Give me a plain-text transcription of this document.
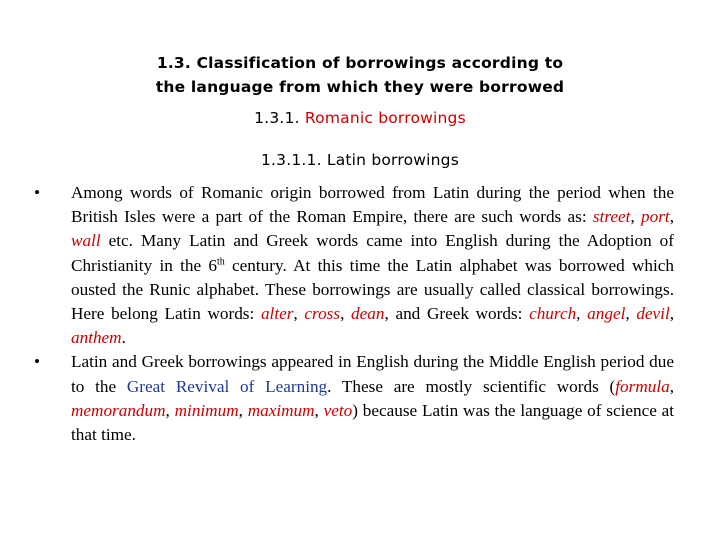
1.3. Classification of borrowings according to
the language from which they were borrowed
1.3.1. Romanic borrowings
1.3.1.1. Latin borrowings
•	Among words of Romanic origin borrowed from Latin during the period when the British Isles were a part of the Roman Empire, there are such words as: street, port, wall etc. Many Latin and Greek words came into English during the Adoption of Christianity in the 6th century. At this time the Latin alphabet was borrowed which ousted the Runic alphabet. These borrowings are usually called classical borrowings. Here belong Latin words: alter, cross, dean, and Greek words: church, angel, devil, anthem.
•	Latin and Greek borrowings appeared in English during the Middle English period due to the Great Revival of Learning. These are mostly scientific words (formula, memorandum, minimum, maximum, veto) because Latin was the language of science at that time.
